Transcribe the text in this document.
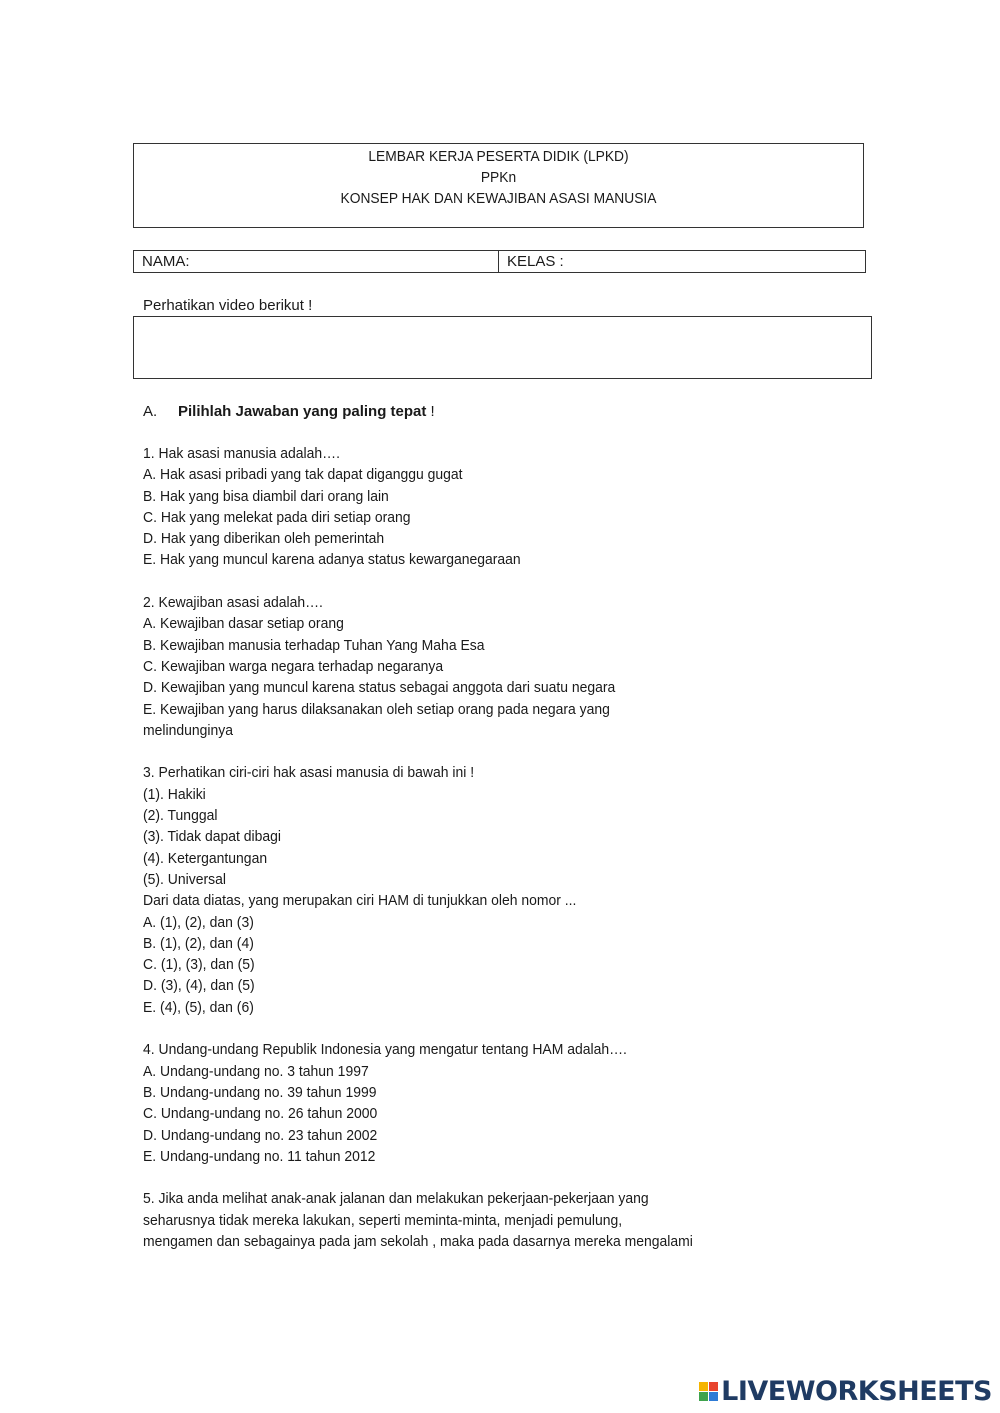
LEMBAR KERJA PESERTA DIDIK (LPKD)
PPKn
KONSEP HAK DAN KEWAJIBAN ASASI MANUSIA
NAMA:	KELAS :
Perhatikan video berikut !
A. Pilihlah Jawaban yang paling tepat !
1. Hak asasi manusia adalah….
A. Hak asasi pribadi yang tak dapat diganggu gugat
B. Hak yang bisa diambil dari orang lain
C. Hak yang melekat pada diri setiap orang
D. Hak yang diberikan oleh pemerintah
E. Hak yang muncul karena adanya status kewarganegaraan
2. Kewajiban asasi adalah….
A. Kewajiban dasar setiap orang
B. Kewajiban manusia terhadap Tuhan Yang Maha Esa
C. Kewajiban warga negara terhadap negaranya
D. Kewajiban yang muncul karena status sebagai anggota dari suatu negara
E. Kewajiban yang harus dilaksanakan oleh setiap orang pada negara yang
melindunginya
3. Perhatikan ciri-ciri hak asasi manusia di bawah ini !
(1). Hakiki
(2). Tunggal
(3). Tidak dapat dibagi
(4). Ketergantungan
(5). Universal
Dari data diatas, yang merupakan ciri HAM di tunjukkan oleh nomor ...
A. (1), (2), dan (3)
B. (1), (2), dan (4)
C. (1), (3), dan (5)
D. (3), (4), dan (5)
E. (4), (5), dan (6)
4. Undang-undang Republik Indonesia yang mengatur tentang HAM adalah….
A. Undang-undang no. 3 tahun 1997
B. Undang-undang no. 39 tahun 1999
C. Undang-undang no. 26 tahun 2000
D. Undang-undang no. 23 tahun 2002
E. Undang-undang no. 11 tahun 2012
5. Jika anda melihat anak-anak jalanan dan melakukan pekerjaan-pekerjaan yang
seharusnya tidak mereka lakukan, seperti meminta-minta, menjadi pemulung,
mengamen dan sebagainya pada jam sekolah , maka pada dasarnya mereka mengalami
LIVEWORKSHEETS
